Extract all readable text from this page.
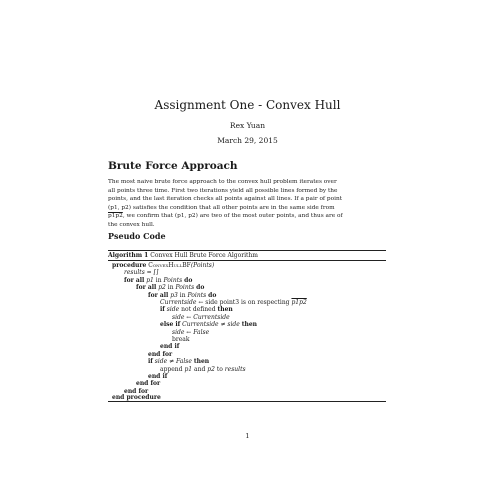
Assignment One - Convex Hull
Rex Yuan
March 29, 2015
Brute Force Approach
The most naive brute force approach to the convex hull problem iterates over
all points three time. First two iterations yield all possible lines formed by the
points, and the last iteration checks all points against all lines. If a pair of point
(p1, p2) satisfies the condition that all other points are in the same side from
p1p2, we confirm that (p1, p2) are two of the most outer points, and thus are of
the convex hull.
Pseudo Code
Algorithm 1 Convex Hull Brute Force Algorithm
procedure ConvexHullBF(Points)
results = []
for all p1 in Points do
for all p2 in Points do
for all p3 in Points do
Currentside ← side point3 is on respecting p1p2
if side not defined then
side ← Currentside
else if Currentside ≠ side then
side ← False
break
end if
end for
if side ≠ False then
append p1 and p2 to results
end if
end for
end for
end procedure
1
